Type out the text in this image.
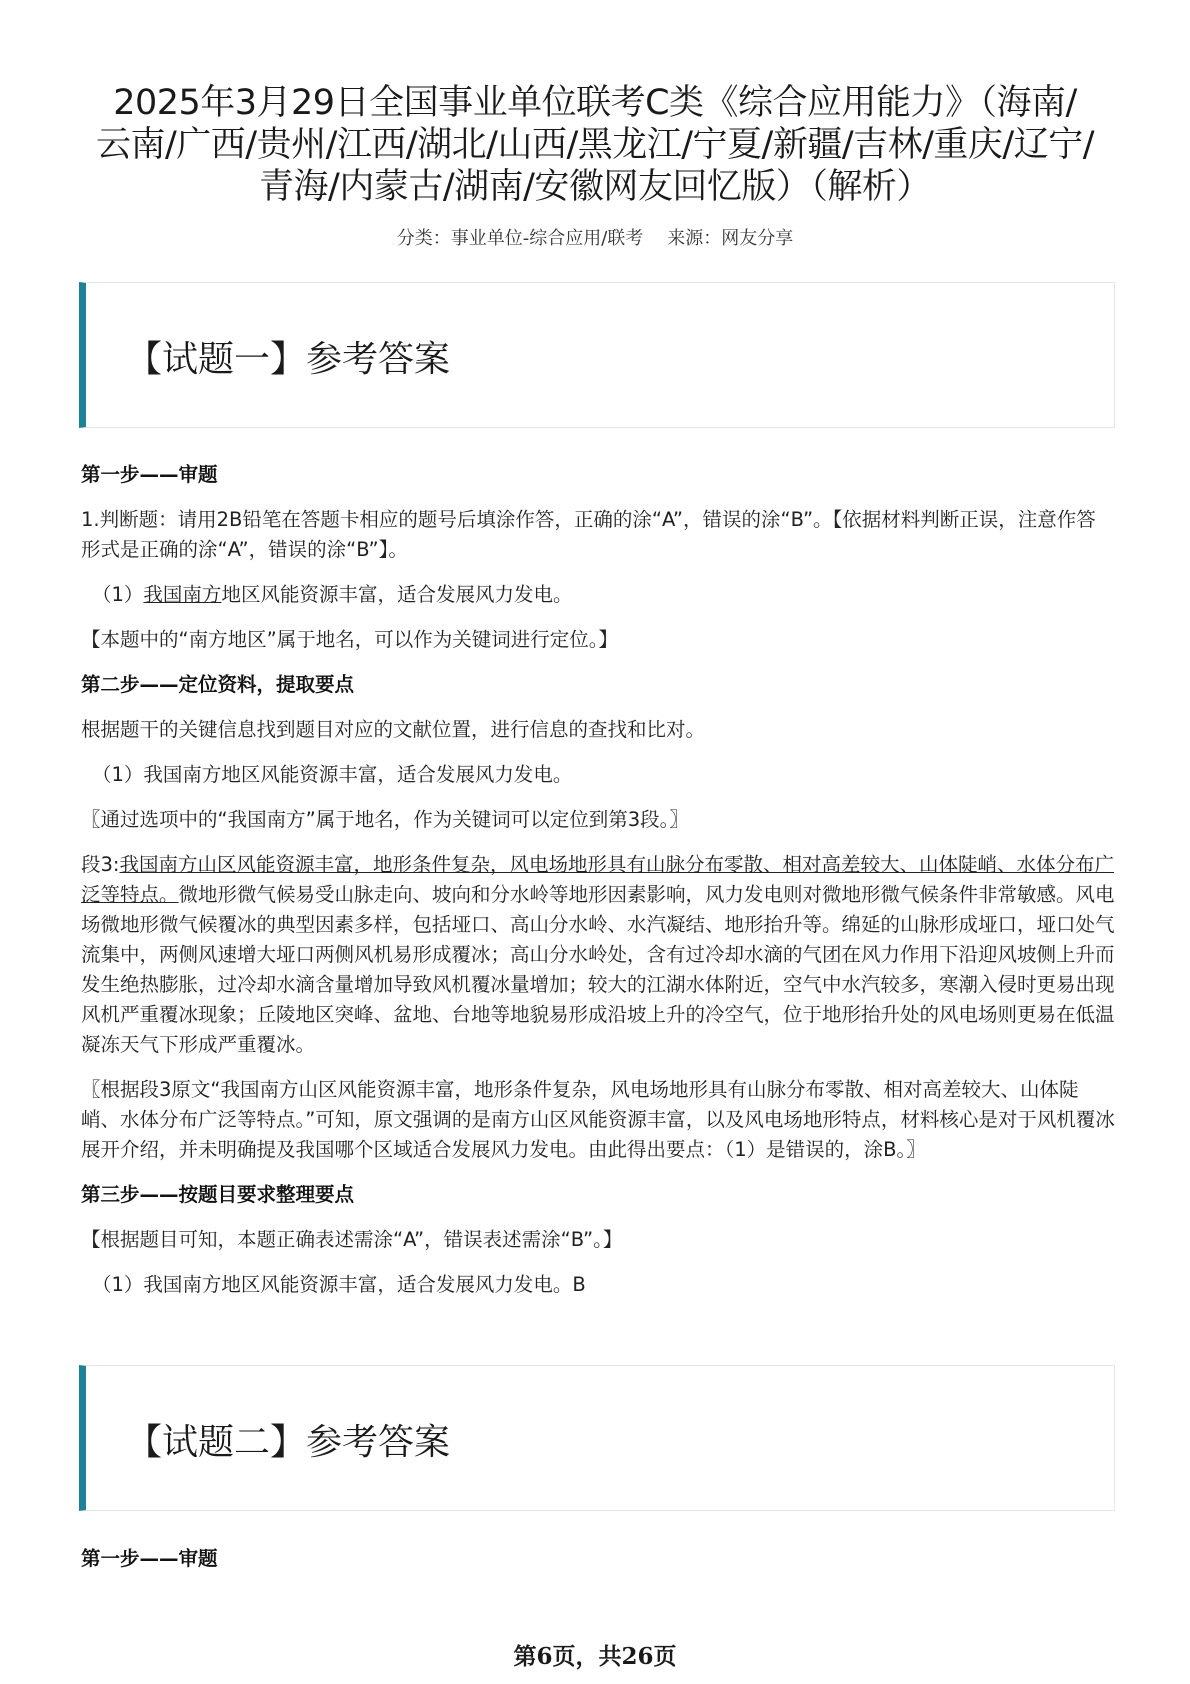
2025年3月29日全国事业单位联考C类《综合应用能力》（海南/
云南/广西/贵州/江西/湖北/山西/黑龙江/宁夏/新疆/吉林/重庆/辽宁/
青海/内蒙古/湖南/安徽网友回忆版）（解析）
分类：事业单位-综合应用/联考 来源：网友分享
【试题一】参考答案

第一步——审题

1.判断题：请用2B铅笔在答题卡相应的题号后填涂作答，正确的涂“A”，错误的涂“B”。【依据材料判断正误，注意作答形式是正确的涂“A”，错误的涂“B”】。

（1）我国南方地区风能资源丰富，适合发展风力发电。

【本题中的“南方地区”属于地名，可以作为关键词进行定位。】

第二步——定位资料，提取要点

根据题干的关键信息找到题目对应的文献位置，进行信息的查找和比对。

（1）我国南方地区风能资源丰富，适合发展风力发电。

〖通过选项中的“我国南方”属于地名，作为关键词可以定位到第3段。〗

段3:我国南方山区风能资源丰富，地形条件复杂，风电场地形具有山脉分布零散、相对高差较大、山体陡峭、水体分布广泛等特点。微地形微气候易受山脉走向、坡向和分水岭等地形因素影响，风力发电则对微地形微气候条件非常敏感。风电场微地形微气候覆冰的典型因素多样，包括垭口、高山分水岭、水汽凝结、地形抬升等。绵延的山脉形成垭口，垭口处气流集中，两侧风速增大垭口两侧风机易形成覆冰；高山分水岭处，含有过冷却水滴的气团在风力作用下沿迎风坡侧上升而发生绝热膨胀，过冷却水滴含量增加导致风机覆冰量增加；较大的江湖水体附近，空气中水汽较多，寒潮入侵时更易出现风机严重覆冰现象；丘陵地区突峰、盆地、台地等地貌易形成沿坡上升的冷空气，位于地形抬升处的风电场则更易在低温凝冻天气下形成严重覆冰。

〖根据段3原文“我国南方山区风能资源丰富，地形条件复杂，风电场地形具有山脉分布零散、相对高差较大、山体陡峭、水体分布广泛等特点。”可知，原文强调的是南方山区风能资源丰富，以及风电场地形特点，材料核心是对于风机覆冰展开介绍，并未明确提及我国哪个区域适合发展风力发电。由此得出要点：（1）是错误的，涂B。〗

第三步——按题目要求整理要点

【根据题目可知，本题正确表述需涂“A”，错误表述需涂“B”。】

（1）我国南方地区风能资源丰富，适合发展风力发电。B

【试题二】参考答案
第一步——审题
第6页，共26页
